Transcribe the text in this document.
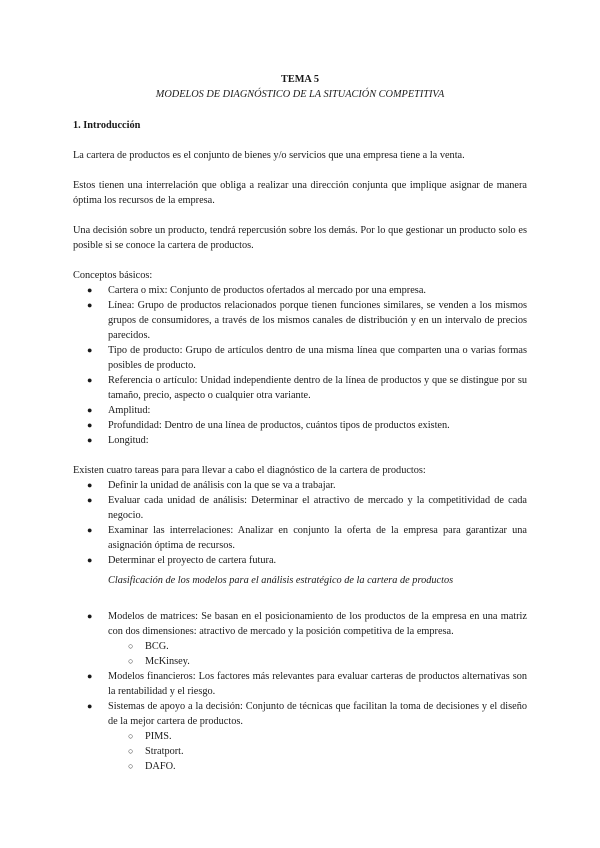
TEMA 5
MODELOS DE DIAGNÓSTICO DE LA SITUACIÓN COMPETITIVA
1. Introducción

La cartera de productos es el conjunto de bienes y/o servicios que una empresa tiene a la venta.

Estos tienen una interrelación que obliga a realizar una dirección conjunta que implique asignar de manera óptima los recursos de la empresa.

Una decisión sobre un producto, tendrá repercusión sobre los demás. Por lo que gestionar un producto solo es posible si se conoce la cartera de productos.

Conceptos básicos:

● Cartera o mix: Conjunto de productos ofertados al mercado por una empresa.
● Línea: Grupo de productos relacionados porque tienen funciones similares, se venden a los mismos grupos de consumidores, a través de los mismos canales de distribución y en un intervalo de precios parecidos.
● Tipo de producto: Grupo de artículos dentro de una misma línea que comparten una o varias formas posibles de producto.
● Referencia o artículo: Unidad independiente dentro de la línea de productos y que se distingue por su tamaño, precio, aspecto o cualquier otra variante.
● Amplitud:
● Profundidad: Dentro de una línea de productos, cuántos tipos de productos existen.
● Longitud:

Existen cuatro tareas para para llevar a cabo el diagnóstico de la cartera de productos:

● Definir la unidad de análisis con la que se va a trabajar.
● Evaluar cada unidad de análisis: Determinar el atractivo de mercado y la competitividad de cada negocio.
● Examinar las interrelaciones: Analizar en conjunto la oferta de la empresa para garantizar una asignación óptima de recursos.
● Determinar el proyecto de cartera futura.
Clasificación de los modelos para el análisis estratégico de la cartera de productos
● Modelos de matrices: Se basan en el posicionamiento de los productos de la empresa en una matriz con dos dimensiones: atractivo de mercado y la posición competitiva de la empresa.
○ BCG.
○ McKinsey.
● Modelos financieros: Los factores más relevantes para evaluar carteras de productos alternativas son la rentabilidad y el riesgo.
● Sistemas de apoyo a la decisión: Conjunto de técnicas que facilitan la toma de decisiones y el diseño de la mejor cartera de productos.
○ PIMS.
○ Stratport.
○ DAFO.
